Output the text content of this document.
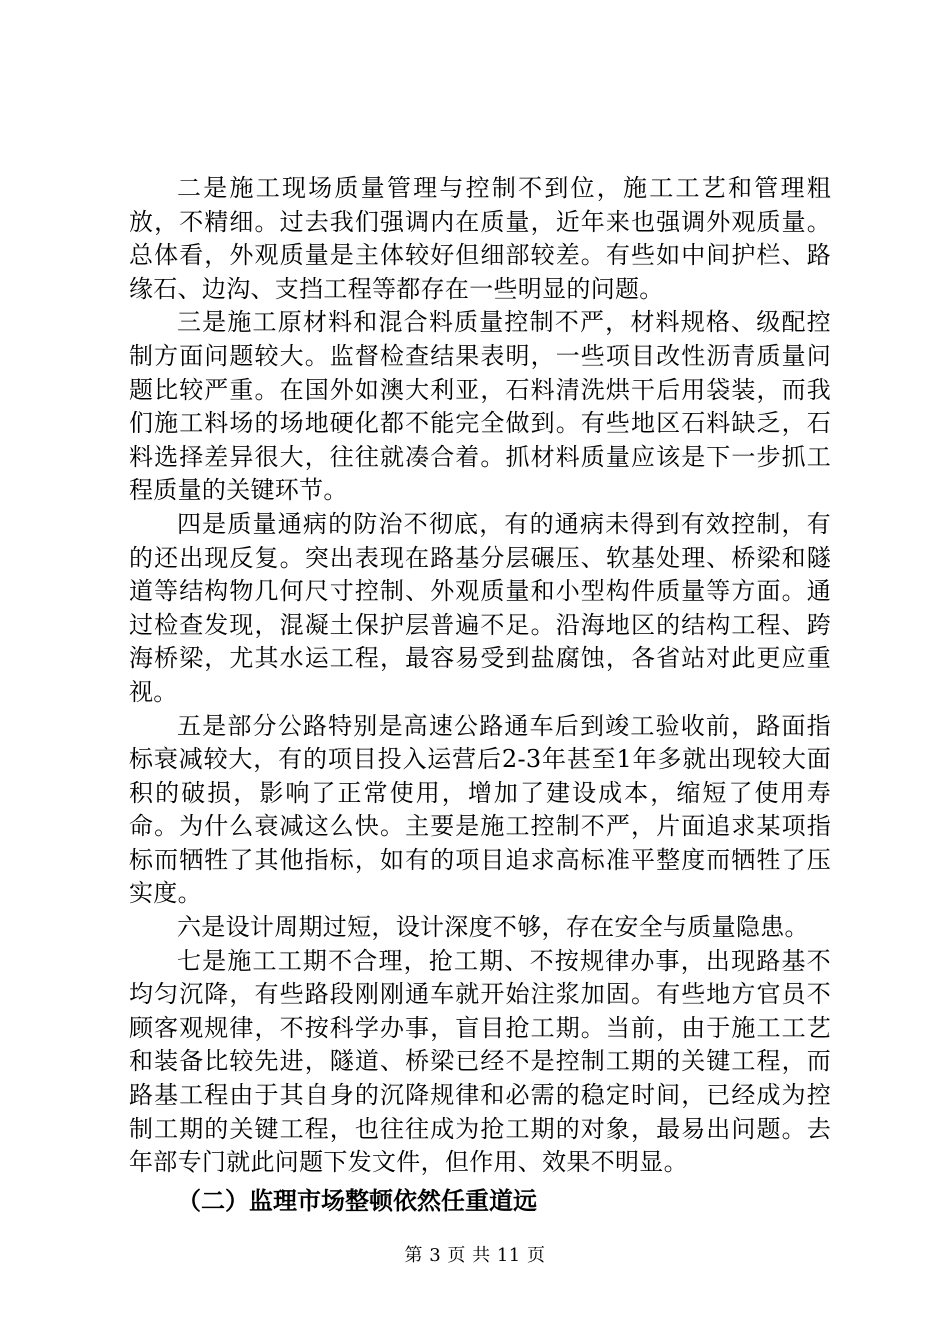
二是施工现场质量管理与控制不到位，施工工艺和管理粗放，不精细。过去我们强调内在质量，近年来也强调外观质量。总体看，外观质量是主体较好但细部较差。有些如中间护栏、路缘石、边沟、支挡工程等都存在一些明显的问题。

三是施工原材料和混合料质量控制不严，材料规格、级配控制方面问题较大。监督检查结果表明，一些项目改性沥青质量问题比较严重。在国外如澳大利亚，石料清洗烘干后用袋装，而我们施工料场的场地硬化都不能完全做到。有些地区石料缺乏，石料选择差异很大，往往就凑合着。抓材料质量应该是下一步抓工程质量的关键环节。

四是质量通病的防治不彻底，有的通病未得到有效控制，有的还出现反复。突出表现在路基分层碾压、软基处理、桥梁和隧道等结构物几何尺寸控制、外观质量和小型构件质量等方面。通过检查发现，混凝土保护层普遍不足。沿海地区的结构工程、跨海桥梁，尤其水运工程，最容易受到盐腐蚀，各省站对此更应重视。

五是部分公路特别是高速公路通车后到竣工验收前，路面指标衰减较大，有的项目投入运营后2-3年甚至1年多就出现较大面积的破损，影响了正常使用，增加了建设成本，缩短了使用寿命。为什么衰减这么快。主要是施工控制不严，片面追求某项指标而牺牲了其他指标，如有的项目追求高标准平整度而牺牲了压实度。

六是设计周期过短，设计深度不够，存在安全与质量隐患。

七是施工工期不合理，抢工期、不按规律办事，出现路基不均匀沉降，有些路段刚刚通车就开始注浆加固。有些地方官员不顾客观规律，不按科学办事，盲目抢工期。当前，由于施工工艺和装备比较先进，隧道、桥梁已经不是控制工期的关键工程，而路基工程由于其自身的沉降规律和必需的稳定时间，已经成为控制工期的关键工程，也往往成为抢工期的对象，最易出问题。去年部专门就此问题下发文件，但作用、效果不明显。

（二）监理市场整顿依然任重道远

第 3 页 共 11 页
